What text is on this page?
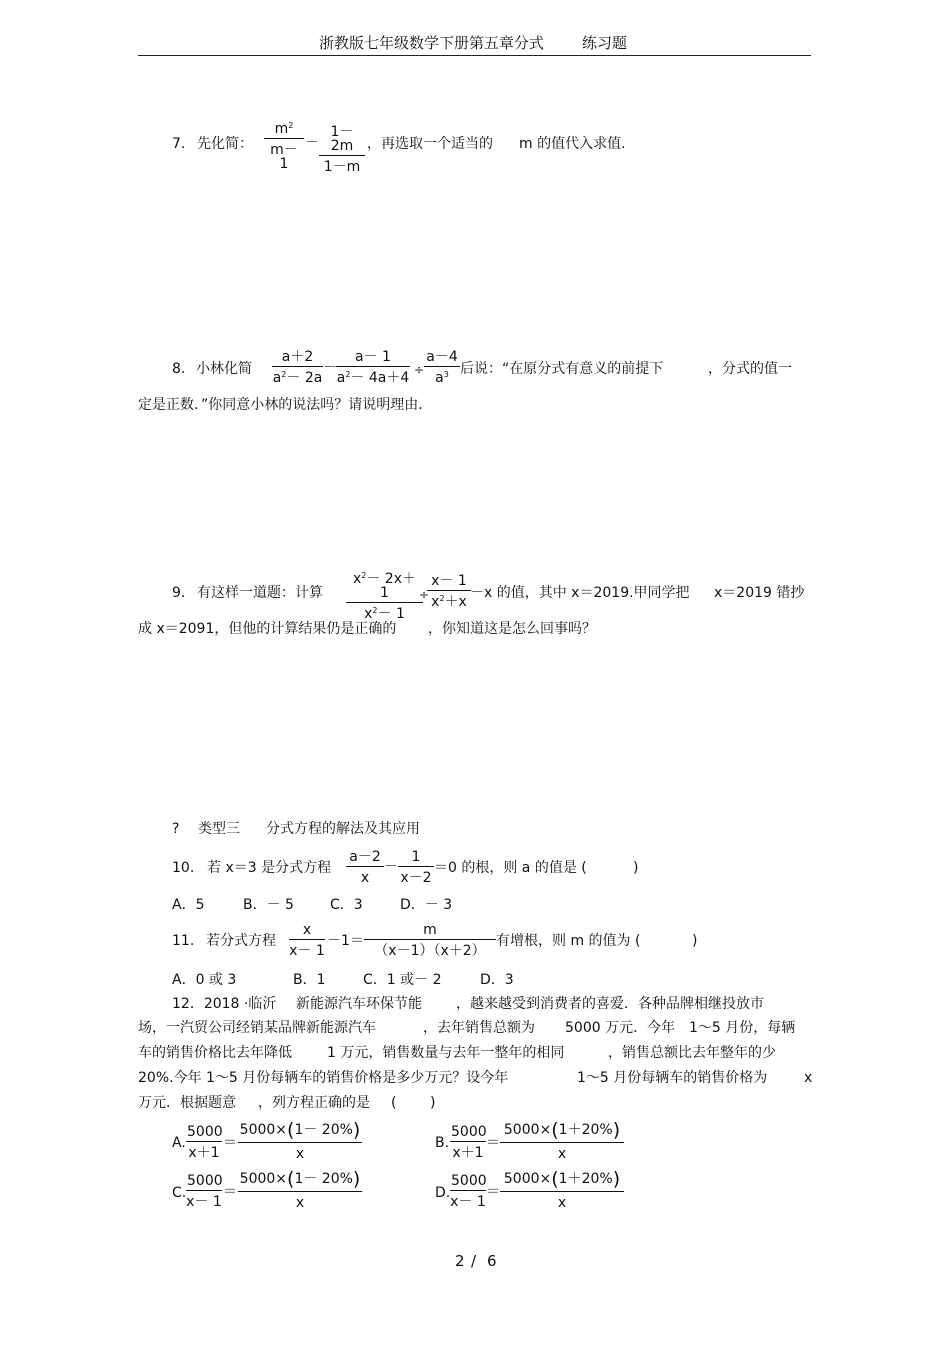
浙教版七年级数学下册第五章分式	练习题
7. 先化简： $\frac{m^2}{m- 1} - \frac{1-2m}{1-m}$ ，再选取一个适当的 m 的值代入求值.
8. 小林化简 $\frac{a+2}{a^2- 2a} - \frac{a- 1}{a^2- 4a+4} \div \frac{a-4}{a^3}$ 后说：“在原分式有意义的前提下	，分式的值一
定是正数．”你同意小林的说法吗？请说明理由.
9. 有这样一道题：计算 $\frac{x^2- 2x+ 1}{x^2- 1}$
÷
$\frac{x- 1}{x^2+x} -x$ 的值，其中 x＝2019.甲同学把 x＝2019 错抄
成 x＝2091，但他的计算结果仍是正确的 ，你知道这是怎么回事吗？
? 类型三 分式方程的解法及其应用
10. 若 x＝3 是分式方程 $\frac{a-2}{x} - \frac{1}{x-2} =0$ 的根，则 a 的值是 (	)
A．5	B．－ 5	C．3	D．－ 3
11. 若分式方程 $\frac{x}{x- 1} -1= \frac{m}{(x-1)(x+2)}$ 有增根，则 m 的值为 (	)
A．0 或 3	B．1	C．1 或－ 2	D．3
12．2018 ·临沂 新能源汽车环保节能 ，越来越受到消费者的喜爱．各种品牌相继投放市
场，一汽贸公司经销某品牌新能源汽车	，去年销售总额为 5000 万元．今年 1～5 月份，每辆
车的销售价格比去年降低	1 万元，销售数量与去年一整年的相同	，销售总额比去年整年的少
20%.今年 1～5 月份每辆车的销售价格是多少万元？设今年	1～5 月份每辆车的销售价格为	x
万元．根据题意 ，列方程正确的是 ( )
A. $\frac{5000}{x+1} = \frac{5000\times(1- 20\%)}{x}$	B. $\frac{5000}{x+1} = \frac{5000\times(1+20\%)}{x}$
C. $\frac{5000}{x- 1} = \frac{5000\times(1- 20\%)}{x}$	D. $\frac{5000}{x- 1} = \frac{5000\times(1+20\%)}{x}$
2 / 6
